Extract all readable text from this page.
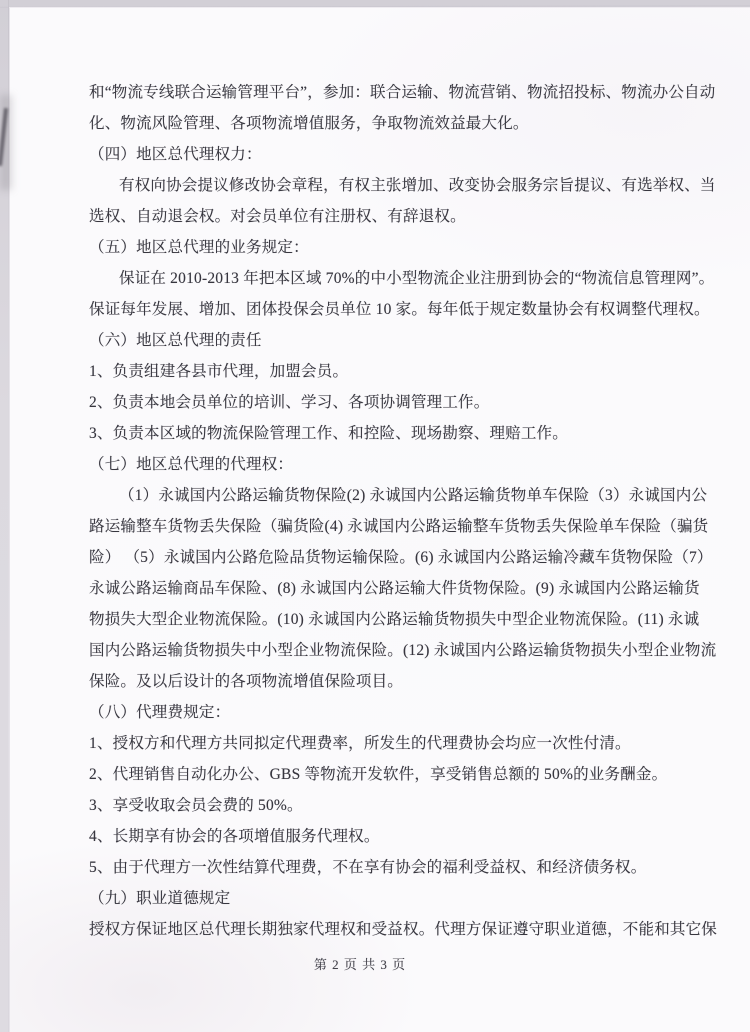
和“物流专线联合运输管理平台”，参加：联合运输、物流营销、物流招投标、物流办公自动

化、物流风险管理、各项物流增值服务，争取物流效益最大化。

（四）地区总代理权力：

有权向协会提议修改协会章程，有权主张增加、改变协会服务宗旨提议、有选举权、当

选权、自动退会权。对会员单位有注册权、有辞退权。

（五）地区总代理的业务规定：

保证在 2010-2013 年把本区域 70%的中小型物流企业注册到协会的“物流信息管理网”。

保证每年发展、增加、团体投保会员单位 10 家。每年低于规定数量协会有权调整代理权。

（六）地区总代理的责任

1、负责组建各县市代理，加盟会员。

2、负责本地会员单位的培训、学习、各项协调管理工作。

3、负责本区域的物流保险管理工作、和控险、现场勘察、理赔工作。

（七）地区总代理的代理权：

（1）永诚国内公路运输货物保险(2) 永诚国内公路运输货物单车保险（3）永诚国内公

路运输整车货物丢失保险（骗货险(4) 永诚国内公路运输整车货物丢失保险单车保险（骗货

险） （5）永诚国内公路危险品货物运输保险。(6) 永诚国内公路运输冷藏车货物保险（7）

永诚公路运输商品车保险、(8) 永诚国内公路运输大件货物保险。(9) 永诚国内公路运输货

物损失大型企业物流保险。(10) 永诚国内公路运输货物损失中型企业物流保险。(11) 永诚

国内公路运输货物损失中小型企业物流保险。(12) 永诚国内公路运输货物损失小型企业物流

保险。及以后设计的各项物流增值保险项目。

（八）代理费规定：

1、授权方和代理方共同拟定代理费率，所发生的代理费协会均应一次性付清。

2、代理销售自动化办公、GBS 等物流开发软件，享受销售总额的 50%的业务酬金。

3、享受收取会员会费的 50%。

4、长期享有协会的各项增值服务代理权。

5、由于代理方一次性结算代理费，不在享有协会的福利受益权、和经济债务权。

（九）职业道德规定

授权方保证地区总代理长期独家代理权和受益权。代理方保证遵守职业道德，不能和其它保

第 2 页 共 3 页
